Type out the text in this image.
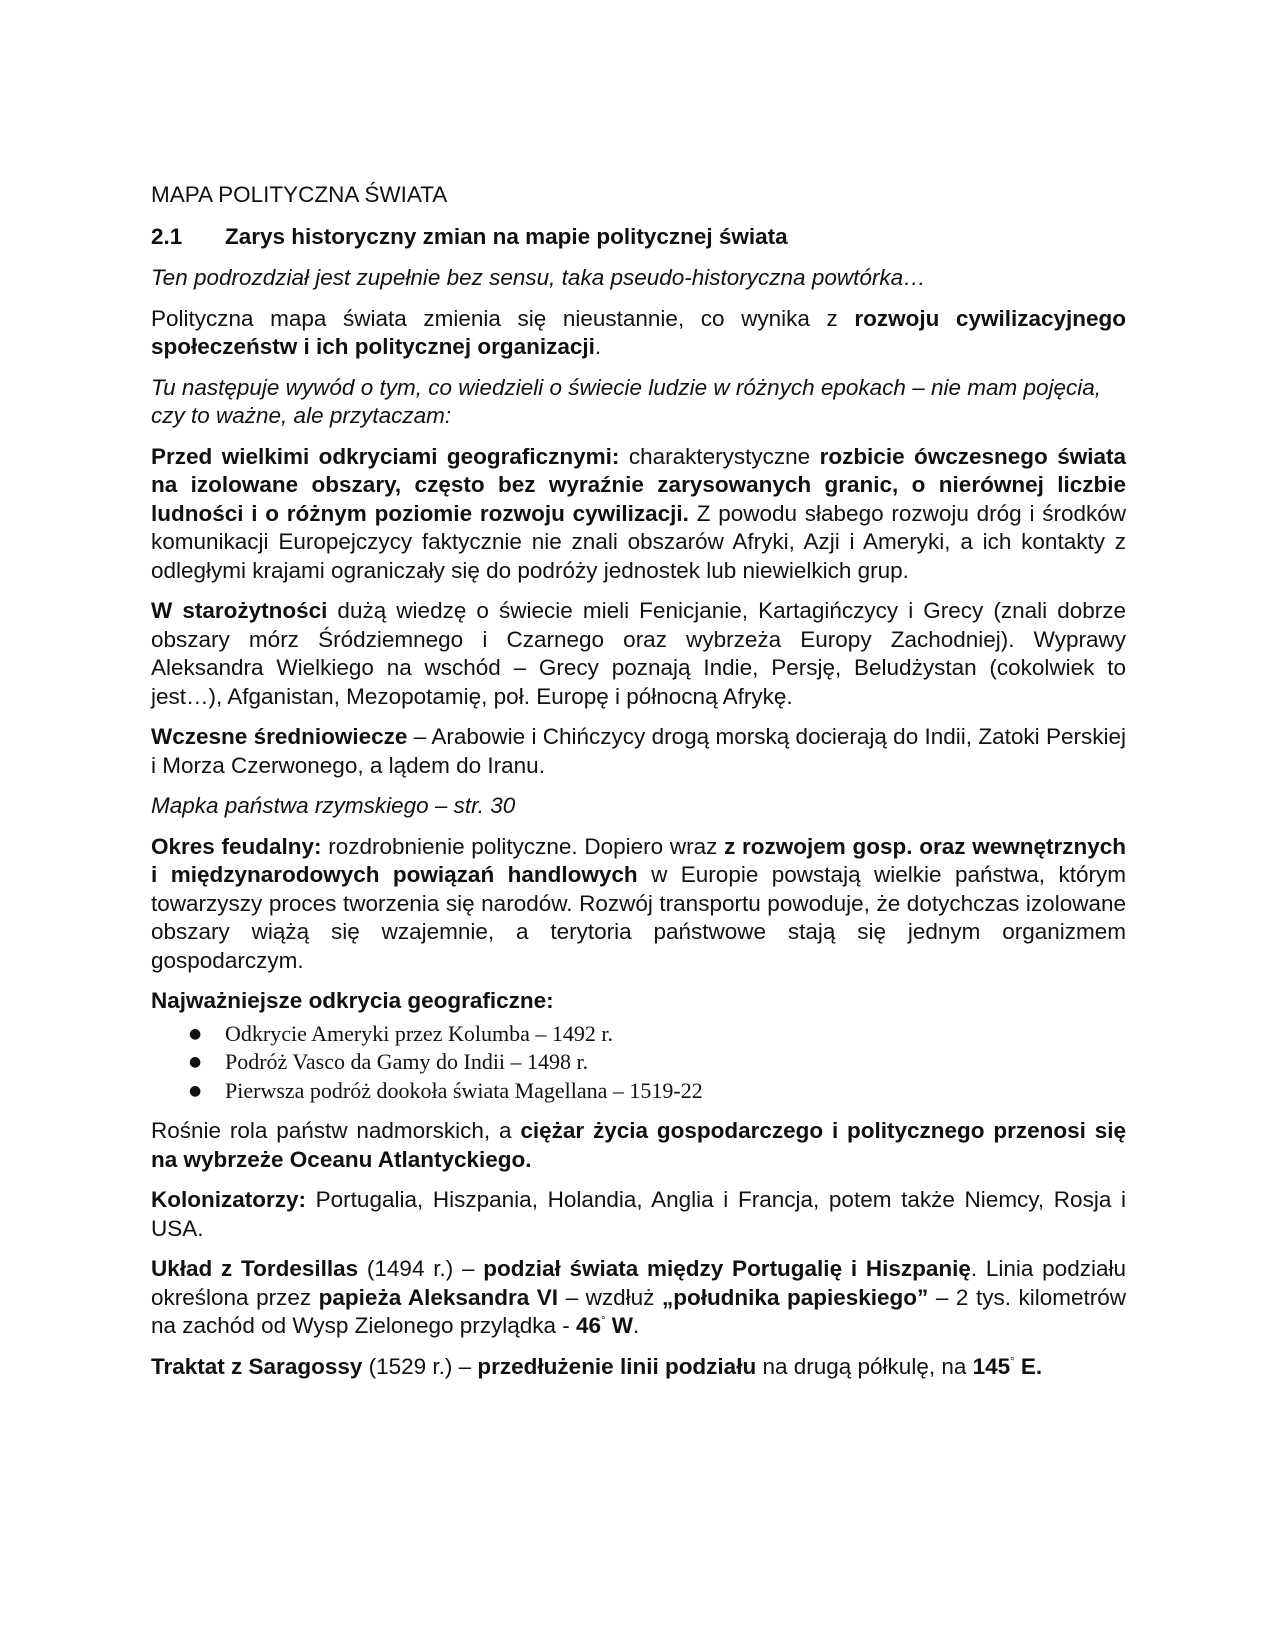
MAPA POLITYCZNA ŚWIATA

2.1 Zarys historyczny zmian na mapie politycznej świata

Ten podrozdział jest zupełnie bez sensu, taka pseudo-historyczna powtórka…

Polityczna mapa świata zmienia się nieustannie, co wynika z rozwoju cywilizacyjnego społeczeństw i ich politycznej organizacji.

Tu następuje wywód o tym, co wiedzieli o świecie ludzie w różnych epokach – nie mam pojęcia, czy to ważne, ale przytaczam:

Przed wielkimi odkryciami geograficznymi: charakterystyczne rozbicie ówczesnego świata na izolowane obszary, często bez wyraźnie zarysowanych granic, o nierównej liczbie ludności i o różnym poziomie rozwoju cywilizacji. Z powodu słabego rozwoju dróg i środków komunikacji Europejczycy faktycznie nie znali obszarów Afryki, Azji i Ameryki, a ich kontakty z odległymi krajami ograniczały się do podróży jednostek lub niewielkich grup.

W starożytności dużą wiedzę o świecie mieli Fenicjanie, Kartagińczycy i Grecy (znali dobrze obszary mórz Śródziemnego i Czarnego oraz wybrzeża Europy Zachodniej). Wyprawy Aleksandra Wielkiego na wschód – Grecy poznają Indie, Persję, Beludżystan (cokolwiek to jest…), Afganistan, Mezopotamię, poł. Europę i północną Afrykę.

Wczesne średniowiecze – Arabowie i Chińczycy drogą morską docierają do Indii, Zatoki Perskiej i Morza Czerwonego, a lądem do Iranu.

Mapka państwa rzymskiego – str. 30

Okres feudalny: rozdrobnienie polityczne. Dopiero wraz z rozwojem gosp. oraz wewnętrznych i międzynarodowych powiązań handlowych w Europie powstają wielkie państwa, którym towarzyszy proces tworzenia się narodów. Rozwój transportu powoduje, że dotychczas izolowane obszary wiążą się wzajemnie, a terytoria państwowe stają się jednym organizmem gospodarczym.

Najważniejsze odkrycia geograficzne:

● Odkrycie Ameryki przez Kolumba – 1492 r.
● Podróż Vasco da Gamy do Indii – 1498 r.
● Pierwsza podróż dookoła świata Magellana – 1519-22

Rośnie rola państw nadmorskich, a ciężar życia gospodarczego i politycznego przenosi się na wybrzeże Oceanu Atlantyckiego.

Kolonizatorzy: Portugalia, Hiszpania, Holandia, Anglia i Francja, potem także Niemcy, Rosja i USA.

Układ z Tordesillas (1494 r.) – podział świata między Portugalię i Hiszpanię. Linia podziału określona przez papieża Aleksandra VI – wzdłuż „południka papieskiego” – 2 tys. kilometrów na zachód od Wysp Zielonego przylądka - 46° W.

Traktat z Saragossy (1529 r.) – przedłużenie linii podziału na drugą półkulę, na 145° E.
